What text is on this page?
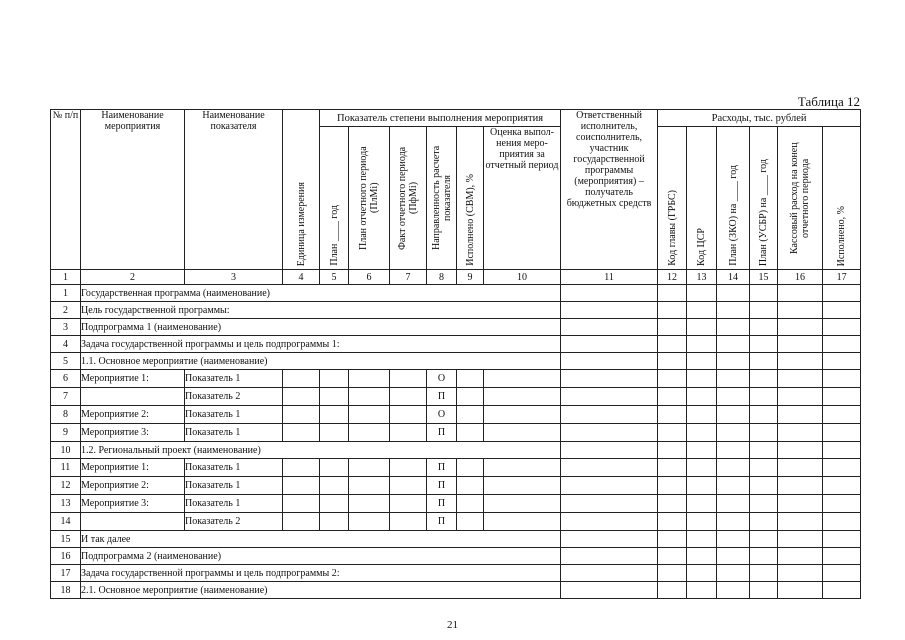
Таблица 12
№ п/п	Наименование мероприятия	Наименование показателя	Единица измерения	Показатель степени выполнения мероприятия						Ответственный исполнитель, соисполнитель, участник государственной программы (мероприятия) – получатель бюджетных средств	Расходы, тыс. рублей					
				План ____ год	План отчетного периода (ПлМi)	Факт отчетного периода (ПфМi)	Направленность расчета показателя	Исполнено (СВМ), %	Оценка выпол-нения меро-приятия за отчетный период		Код главы (ГРБС)	Код ЦСР	План (ЗКО) на ____ год	План (УСБР) на ____ год	Кассовый расход на конец отчетного периода	Исполнено, %
1	2	3	4	5	6	7	8	9	10	11	12	13	14	15	16	17
1	Государственная программа (наименование)															
2	Цель государственной программы:															
3	Подпрограмма 1 (наименование)															
4	Задача государственной программы и цель подпрограммы 1:															
5	1.1. Основное мероприятие (наименование)															
6	Мероприятие 1:	Показатель 1					О									
7		Показатель 2					П									
8	Мероприятие 2:	Показатель 1					О									
9	Мероприятие 3:	Показатель 1					П									
10	1.2. Региональный проект (наименование)															
11	Мероприятие 1:	Показатель 1					П									
12	Мероприятие 2:	Показатель 1					П									
13	Мероприятие 3:	Показатель 1					П									
14		Показатель 2					П									
15	И так далее															
16	Подпрограмма 2 (наименование)															
17	Задача государственной программы и цель подпрограммы 2:															
18	2.1. Основное мероприятие (наименование)															
21
